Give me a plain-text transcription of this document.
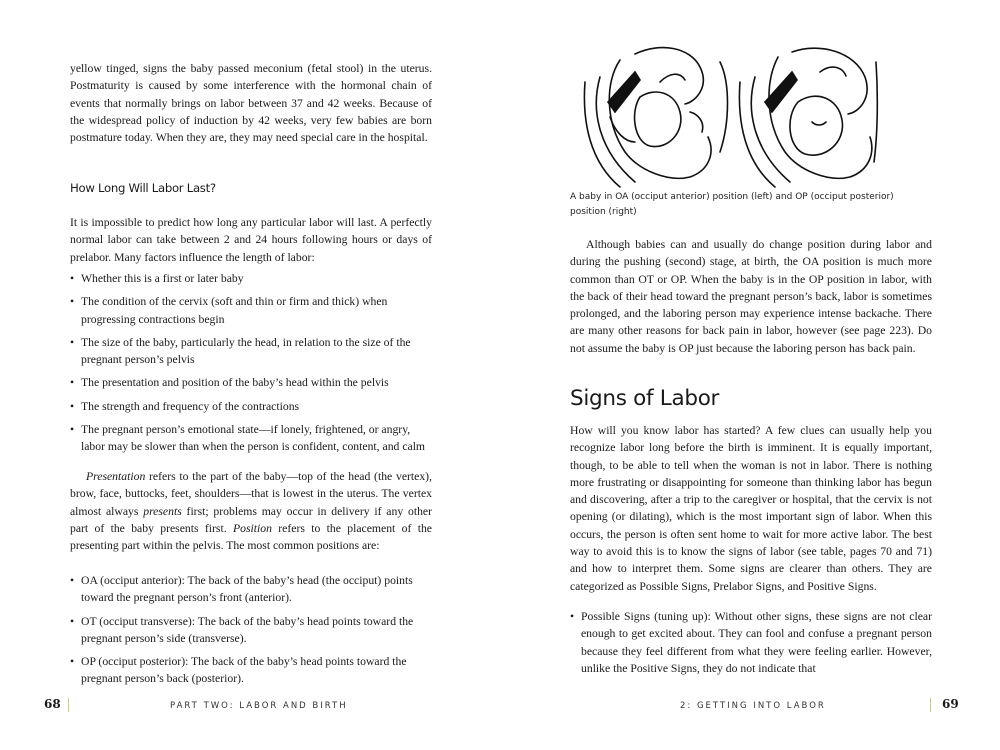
yellow tinged, signs the baby passed meconium (fetal stool) in the uterus. Postmaturity is caused by some interference with the hormonal chain of events that normally brings on labor between 37 and 42 weeks. Because of the widespread policy of induction by 42 weeks, very few babies are born postmature today. When they are, they may need special care in the hospital.

How Long Will Labor Last?

It is impossible to predict how long any particular labor will last. A perfectly normal labor can take between 2 and 24 hours following hours or days of prelabor. Many factors influence the length of labor:

• Whether this is a first or later baby
• The condition of the cervix (soft and thin or firm and thick) when progressing contractions begin
• The size of the baby, particularly the head, in relation to the size of the pregnant person’s pelvis
• The presentation and position of the baby’s head within the pelvis
• The strength and frequency of the contractions
• The pregnant person’s emotional state—if lonely, frightened, or angry, labor may be slower than when the person is confident, content, and calm

Presentation refers to the part of the baby—top of the head (the vertex), brow, face, buttocks, feet, shoulders—that is lowest in the uterus. The vertex almost always presents first; problems may occur in delivery if any other part of the baby presents first. Position refers to the placement of the presenting part within the pelvis. The most common positions are:

• OA (occiput anterior): The back of the baby’s head (the occiput) points toward the pregnant person’s front (anterior).
• OT (occiput transverse): The back of the baby’s head points toward the pregnant person’s side (transverse).
• OP (occiput posterior): The back of the baby’s head points toward the pregnant person’s back (posterior).
68	PART TWO: LABOR AND BIRTH
A baby in OA (occiput anterior) position (left) and OP (occiput posterior) position (right)

Although babies can and usually do change position during labor and during the pushing (second) stage, at birth, the OA position is much more common than OT or OP. When the baby is in the OP position in labor, with the back of their head toward the pregnant person’s back, labor is sometimes prolonged, and the laboring person may experience intense backache. There are many other reasons for back pain in labor, however (see page 223). Do not assume the baby is OP just because the laboring person has back pain.

Signs of Labor

How will you know labor has started? A few clues can usually help you recognize labor long before the birth is imminent. It is equally important, though, to be able to tell when the woman is not in labor. There is nothing more frustrating or disappointing for someone than thinking labor has begun and discovering, after a trip to the caregiver or hospital, that the cervix is not opening (or dilating), which is the most important sign of labor. When this occurs, the person is often sent home to wait for more active labor. The best way to avoid this is to know the signs of labor (see table, pages 70 and 71) and how to interpret them. Some signs are clearer than others. They are categorized as Possible Signs, Prelabor Signs, and Positive Signs.

• Possible Signs (tuning up): Without other signs, these signs are not clear enough to get excited about. They can fool and confuse a pregnant person because they feel different from what they were feeling earlier. However, unlike the Positive Signs, they do not indicate that
2: GETTING INTO LABOR	69
